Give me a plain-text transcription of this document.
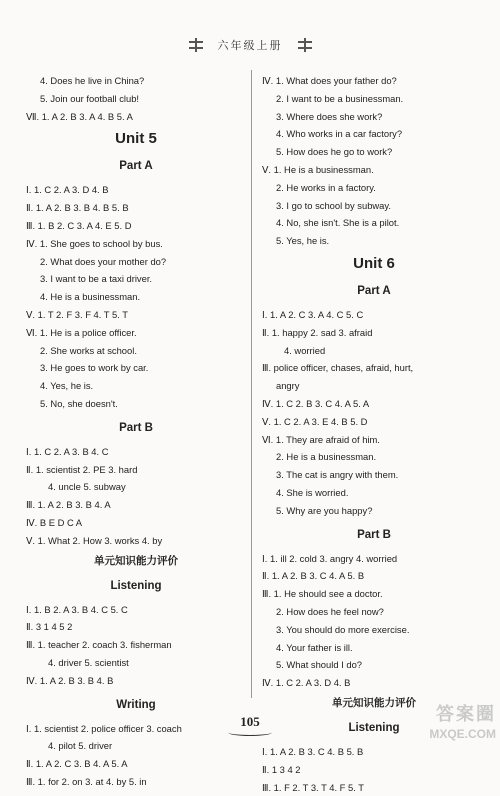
六年级上册
4. Does he live in China?
5. Join our football club!
Ⅶ. 1. A 2. B 3. A 4. B 5. A
Unit 5
Part A
Ⅰ. 1. C 2. A 3. D 4. B
Ⅱ. 1. A 2. B 3. B 4. B 5. B
Ⅲ. 1. B 2. C 3. A 4. E 5. D
Ⅳ. 1. She goes to school by bus.
2. What does your mother do?
3. I want to be a taxi driver.
4. He is a businessman.
Ⅴ. 1. T 2. F 3. F 4. T 5. T
Ⅵ. 1. He is a police officer.
2. She works at school.
3. He goes to work by car.
4. Yes, he is.
5. No, she doesn't.
Part B
Ⅰ. 1. C 2. A 3. B 4. C
Ⅱ. 1. scientist 2. PE 3. hard
4. uncle 5. subway
Ⅲ. 1. A 2. B 3. B 4. A
Ⅳ. B E D C A
Ⅴ. 1. What 2. How 3. works 4. by
单元知识能力评价
Listening
Ⅰ. 1. B 2. A 3. B 4. C 5. C
Ⅱ. 3 1 4 5 2
Ⅲ. 1. teacher 2. coach 3. fisherman
4. driver 5. scientist
Ⅳ. 1. A 2. B 3. B 4. B
Writing
Ⅰ. 1. scientist 2. police officer 3. coach
4. pilot 5. driver
Ⅱ. 1. A 2. C 3. B 4. A 5. A
Ⅲ. 1. for 2. on 3. at 4. by 5. in
Ⅳ. 1. What does your father do?
2. I want to be a businessman.
3. Where does she work?
4. Who works in a car factory?
5. How does he go to work?
Ⅴ. 1. He is a businessman.
2. He works in a factory.
3. I go to school by subway.
4. No, she isn't. She is a pilot.
5. Yes, he is.
Unit 6
Part A
Ⅰ. 1. A 2. C 3. A 4. C 5. C
Ⅱ. 1. happy 2. sad 3. afraid
4. worried
Ⅲ. police officer, chases, afraid, hurt,
angry
Ⅳ. 1. C 2. B 3. C 4. A 5. A
Ⅴ. 1. C 2. A 3. E 4. B 5. D
Ⅵ. 1. They are afraid of him.
2. He is a businessman.
3. The cat is angry with them.
4. She is worried.
5. Why are you happy?
Part B
Ⅰ. 1. ill 2. cold 3. angry 4. worried
Ⅱ. 1. A 2. B 3. C 4. A 5. B
Ⅲ. 1. He should see a doctor.
2. How does he feel now?
3. You should do more exercise.
4. Your father is ill.
5. What should I do?
Ⅳ. 1. C 2. A 3. D 4. B
单元知识能力评价
Listening
Ⅰ. 1. A 2. B 3. C 4. B 5. B
Ⅱ. 1 3 4 2
Ⅲ. 1. F 2. T 3. T 4. F 5. T
105	答案圈
MXQE.COM
